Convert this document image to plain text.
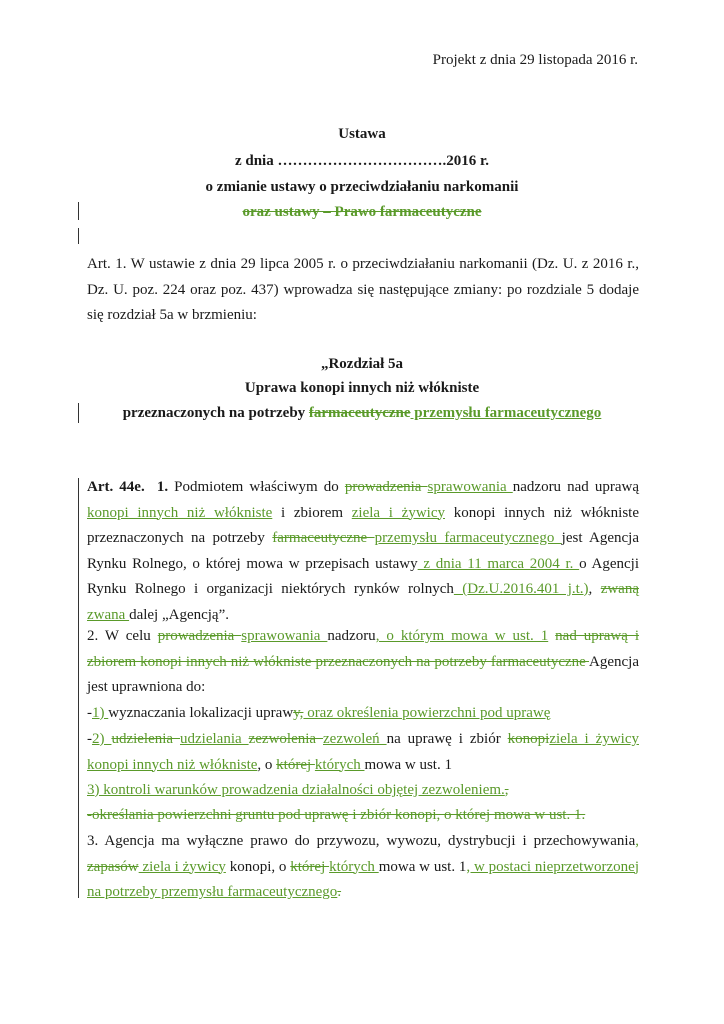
Projekt z dnia 29 listopada 2016 r.
Ustawa
z dnia …………………………….2016 r.
o zmianie ustawy o przeciwdziałaniu narkomanii
oraz ustawy – Prawo farmaceutyczne
Art. 1. W ustawie z dnia 29 lipca 2005 r. o przeciwdziałaniu narkomanii (Dz. U. z 2016 r., Dz. U. poz. 224 oraz poz. 437) wprowadza się następujące zmiany: po rozdziale 5 dodaje się rozdział 5a w brzmieniu:
„Rozdział 5a
Uprawa konopi innych niż włókniste
przeznaczonych na potrzeby farmaceutyczne przemysłu farmaceutycznego
Art. 44e. 1. Podmiotem właściwym do prowadzenia sprawowania nadzoru nad uprawą konopi innych niż włókniste i zbiorem ziela i żywicy konopi innych niż włókniste przeznaczonych na potrzeby farmaceutyczne przemysłu farmaceutycznego jest Agencja Rynku Rolnego, o której mowa w przepisach ustawy z dnia 11 marca 2004 r. o Agencji Rynku Rolnego i organizacji niektórych rynków rolnych (Dz.U.2016.401 j.t.), zwaną zwana dalej „Agencją”.
2. W celu prowadzenia sprawowania nadzoru, o którym mowa w ust. 1 nad uprawą i zbiorem konopi innych niż włókniste przeznaczonych na potrzeby farmaceutyczne Agencja jest uprawniona do:
-1) wyznaczania lokalizacji uprawy, oraz określenia powierzchni pod uprawę
-2) udzielenia udzielania zezwolenia zezwoleń na uprawę i zbiór konopiziela i żywicy konopi innych niż włókniste, o której których mowa w ust. 1
3) kontroli warunków prowadzenia działalności objętej zezwoleniem.,
-określania powierzchni gruntu pod uprawę i zbiór konopi, o której mowa w ust. 1.
3. Agencja ma wyłączne prawo do przywozu, wywozu, dystrybucji i przechowywania, zapasów ziela i żywicy konopi, o której których mowa w ust. 1, w postaci nieprzetworzonej na potrzeby przemysłu farmaceutycznego.
